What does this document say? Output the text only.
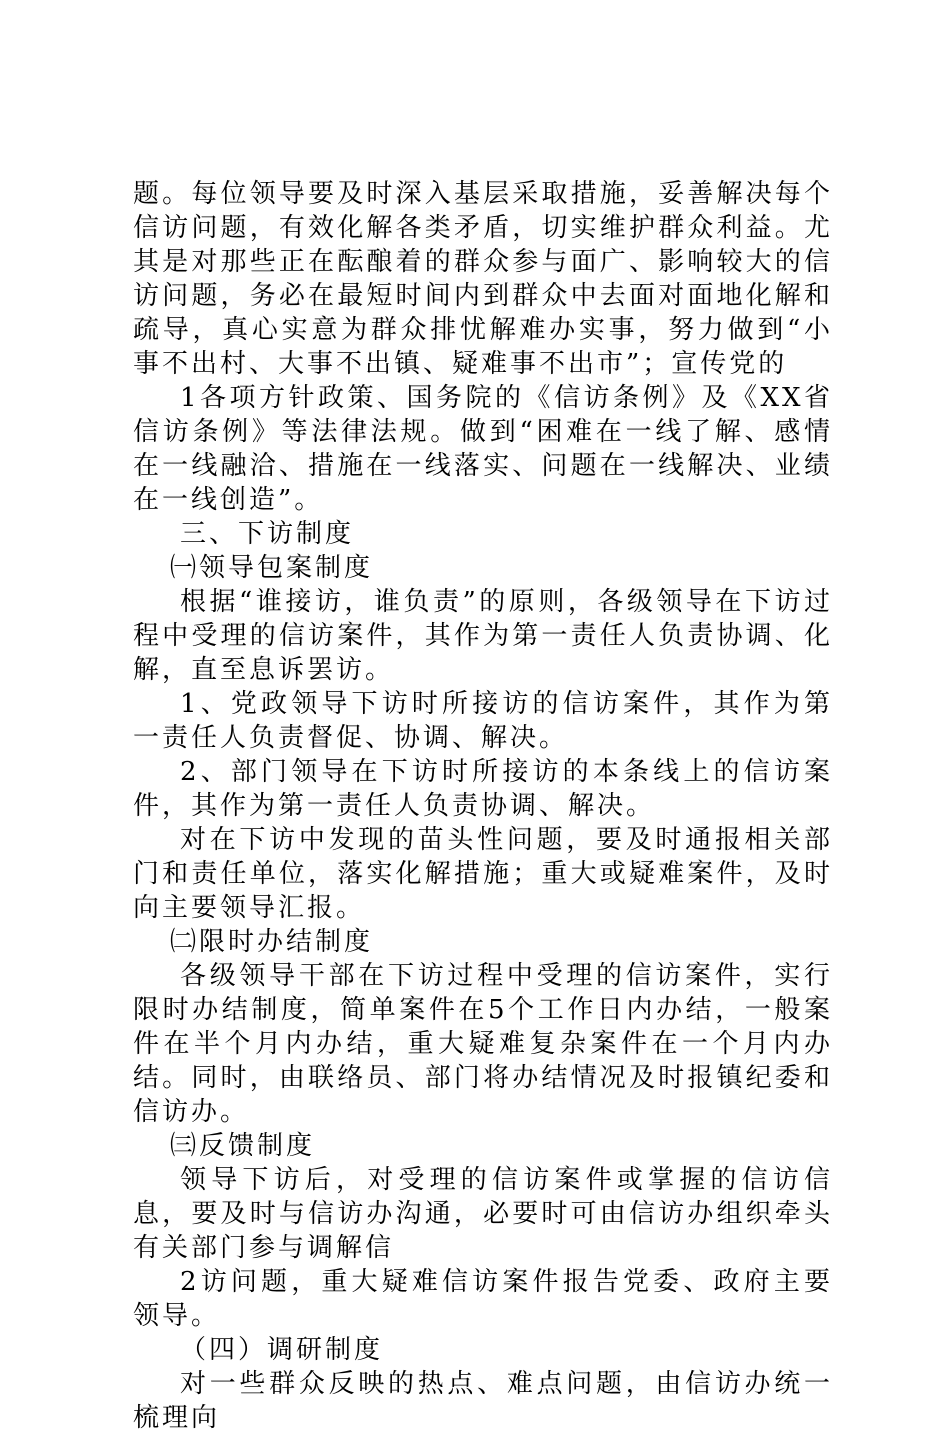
题。每位领导要及时深入基层采取措施，妥善解决每个信访问题，有效化解各类矛盾，切实维护群众利益。尤其是对那些正在酝酿着的群众参与面广、影响较大的信访问题，务必在最短时间内到群众中去面对面地化解和疏导，真心实意为群众排忧解难办实事，努力做到“小事不出村、大事不出镇、疑难事不出市”；宣传党的

1各项方针政策、国务院的《信访条例》及《XX省信访条例》等法律法规。做到“困难在一线了解、感情在一线融洽、措施在一线落实、问题在一线解决、业绩在一线创造”。

三、下访制度

㈠领导包案制度

根据“谁接访，谁负责”的原则，各级领导在下访过程中受理的信访案件，其作为第一责任人负责协调、化解，直至息诉罢访。

1、党政领导下访时所接访的信访案件，其作为第一责任人负责督促、协调、解决。

2、部门领导在下访时所接访的本条线上的信访案件，其作为第一责任人负责协调、解决。

对在下访中发现的苗头性问题，要及时通报相关部门和责任单位，落实化解措施；重大或疑难案件，及时向主要领导汇报。

㈡限时办结制度

各级领导干部在下访过程中受理的信访案件，实行限时办结制度，简单案件在5个工作日内办结，一般案件在半个月内办结，重大疑难复杂案件在一个月内办结。同时，由联络员、部门将办结情况及时报镇纪委和信访办。

㈢反馈制度

领导下访后，对受理的信访案件或掌握的信访信息，要及时与信访办沟通，必要时可由信访办组织牵头有关部门参与调解信

2访问题，重大疑难信访案件报告党委、政府主要领导。

（四）调研制度

对一些群众反映的热点、难点问题，由信访办统一梳理向
